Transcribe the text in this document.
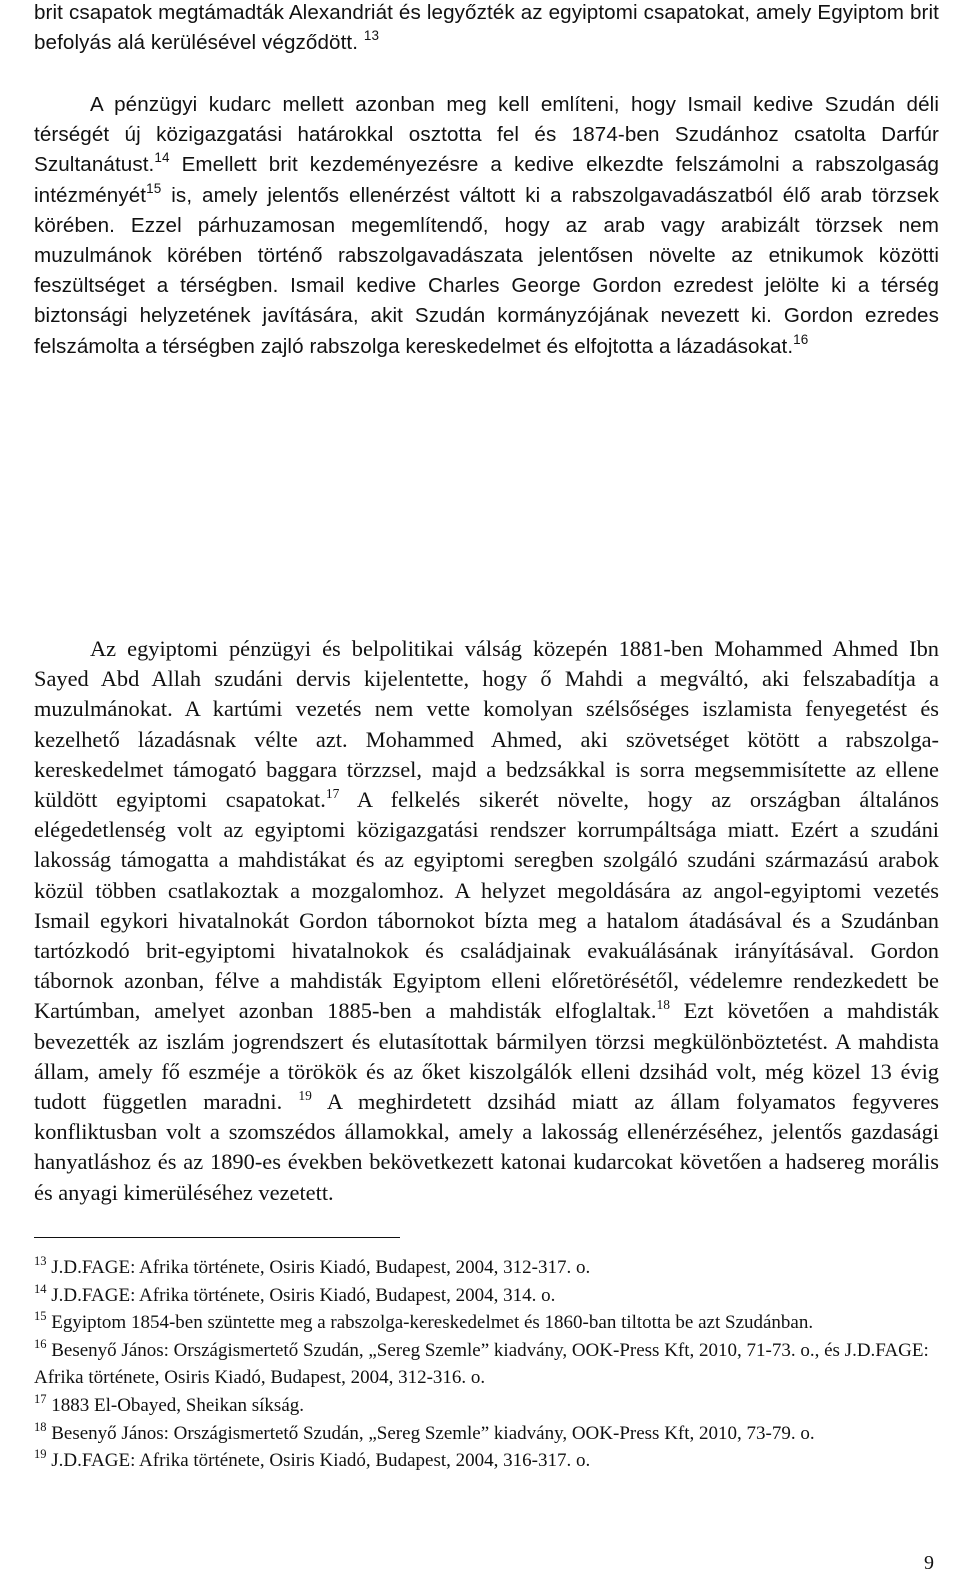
brit csapatok megtámadták Alexandriát és legyőzték az egyiptomi csapatokat, amely Egyiptom brit befolyás alá kerülésével végződött. $^{13}$

A pénzügyi kudarc mellett azonban meg kell említeni, hogy Ismail kedive Szudán déli térségét új közigazgatási határokkal osztotta fel és 1874-ben Szudánhoz csatolta Darfúr Szultanátust.$^{14}$ Emellett brit kezdeményezésre a kedive elkezdte felszámolni a rabszolgaság intézményét$^{15}$ is, amely jelentős ellenérzést váltott ki a rabszolgavadászatból élő arab törzsek körében. Ezzel párhuzamosan megemlítendő, hogy az arab vagy arabizált törzsek nem muzulmánok körében történő rabszolgavadászata jelentősen növelte az etnikumok közötti feszültséget a térségben. Ismail kedive Charles George Gordon ezredest jelölte ki a térség biztonsági helyzetének javítására, akit Szudán kormányzójának nevezett ki. Gordon ezredes felszámolta a térségben zajló rabszolga kereskedelmet és elfojtotta a lázadásokat.$^{16}$

Az egyiptomi pénzügyi és belpolitikai válság közepén 1881-ben Mohammed Ahmed Ibn Sayed Abd Allah szudáni dervis kijelentette, hogy ő Mahdi a megváltó, aki felszabadítja a muzulmánokat. A kartúmi vezetés nem vette komolyan szélsőséges iszlamista fenyegetést és kezelhető lázadásnak vélte azt. Mohammed Ahmed, aki szövetséget kötött a rabszolga-kereskedelmet támogató baggara törzzsel, majd a bedzsákkal is sorra megsemmisítette az ellene küldött egyiptomi csapatokat.$^{17}$ A felkelés sikerét növelte, hogy az országban általános elégedetlenség volt az egyiptomi közigazgatási rendszer korrumpáltsága miatt. Ezért a szudáni lakosság támogatta a mahdistákat és az egyiptomi seregben szolgáló szudáni származású arabok közül többen csatlakoztak a mozgalomhoz. A helyzet megoldására az angol-egyiptomi vezetés Ismail egykori hivatalnokát Gordon tábornokot bízta meg a hatalom átadásával és a Szudánban tartózkodó brit-egyiptomi hivatalnokok és családjainak evakuálásának irányításával. Gordon tábornok azonban, félve a mahdisták Egyiptom elleni előretörésétől, védelemre rendezkedett be Kartúmban, amelyet azonban 1885-ben a mahdisták elfoglaltak.$^{18}$ Ezt követően a mahdisták bevezették az iszlám jogrendszert és elutasítottak bármilyen törzsi megkülönböztetést. A mahdista állam, amely fő eszméje a törökök és az őket kiszolgálók elleni dzsihád volt, még közel 13 évig tudott független maradni. $^{19}$ A meghirdetett dzsihád miatt az állam folyamatos fegyveres konfliktusban volt a szomszédos államokkal, amely a lakosság ellenérzéséhez, jelentős gazdasági hanyatláshoz és az 1890-es években bekövetkezett katonai kudarcokat követően a hadsereg morális és anyagi kimerüléséhez vezetett.

$^{13}$ J.D.FAGE: Afrika története, Osiris Kiadó, Budapest, 2004, 312-317. o.

$^{14}$ J.D.FAGE: Afrika története, Osiris Kiadó, Budapest, 2004, 314. o.

$^{15}$ Egyiptom 1854-ben szüntette meg a rabszolga-kereskedelmet és 1860-ban tiltotta be azt Szudánban.

$^{16}$ Besenyő János: Országismertető Szudán, „Sereg Szemle” kiadvány, OOK-Press Kft, 2010, 71-73. o., és J.D.FAGE: Afrika története, Osiris Kiadó, Budapest, 2004, 312-316. o.

$^{17}$ 1883 El-Obayed, Sheikan síkság.

$^{18}$ Besenyő János: Országismertető Szudán, „Sereg Szemle” kiadvány, OOK-Press Kft, 2010, 73-79. o.

$^{19}$ J.D.FAGE: Afrika története, Osiris Kiadó, Budapest, 2004, 316-317. o.

9
